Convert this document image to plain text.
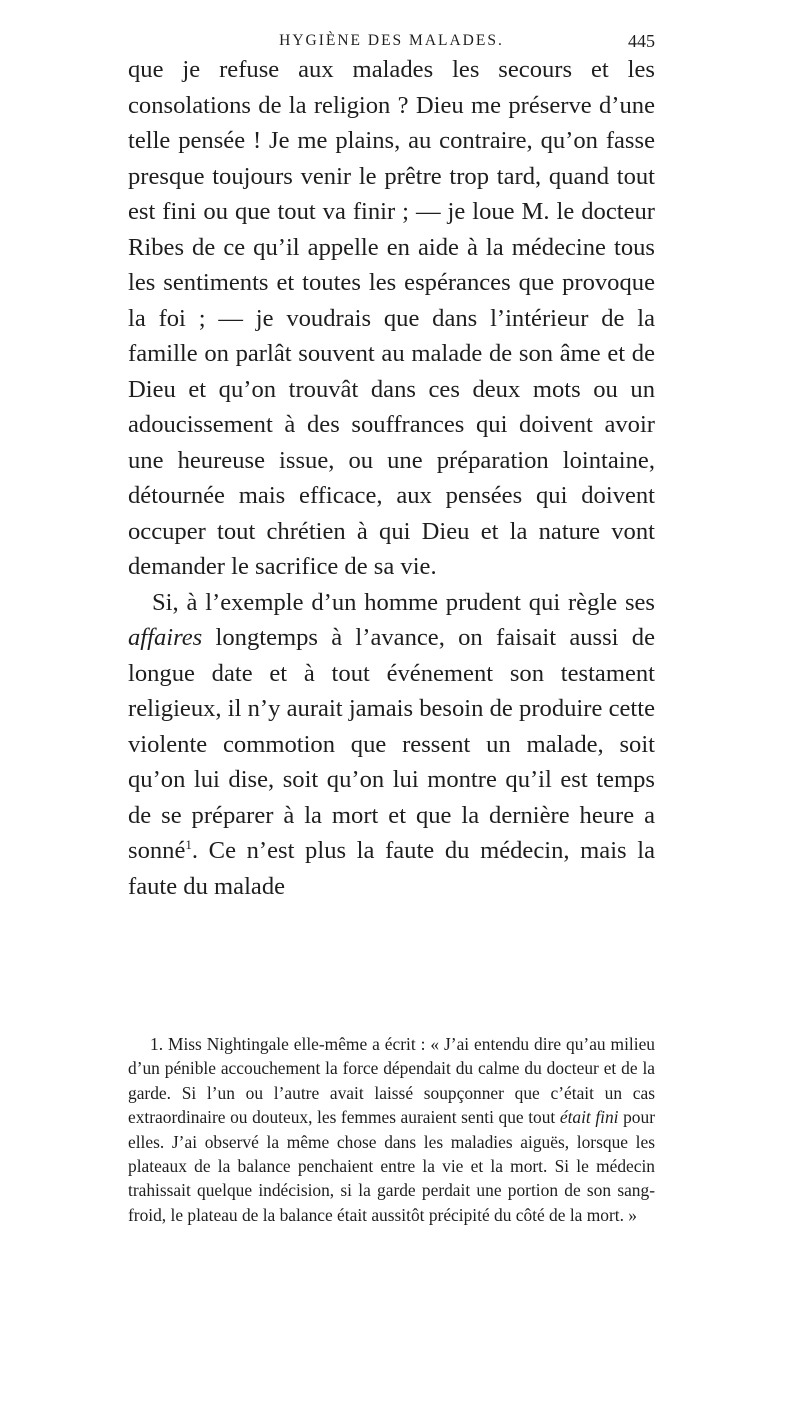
HYGIÈNE DES MALADES.	445

que je refuse aux malades les secours et les consolations de la religion ? Dieu me préserve d’une telle pensée ! Je me plains, au contraire, qu’on fasse presque toujours venir le prêtre trop tard, quand tout est fini ou que tout va finir ; — je loue M. le docteur Ribes de ce qu’il appelle en aide à la médecine tous les sentiments et toutes les espérances que provoque la foi ; — je voudrais que dans l’intérieur de la famille on parlât souvent au malade de son âme et de Dieu et qu’on trouvât dans ces deux mots ou un adoucissement à des souffrances qui doivent avoir une heureuse issue, ou une préparation lointaine, détournée mais efficace, aux pensées qui doivent occuper tout chrétien à qui Dieu et la nature vont demander le sacrifice de sa vie.

Si, à l’exemple d’un homme prudent qui règle ses affaires longtemps à l’avance, on faisait aussi de longue date et à tout événement son testament religieux, il n’y aurait jamais besoin de produire cette violente commotion que ressent un malade, soit qu’on lui dise, soit qu’on lui montre qu’il est temps de se préparer à la mort et que la dernière heure a sonné$^1$. Ce n’est plus la faute du médecin, mais la faute du malade

1. Miss Nightingale elle-même a écrit : « J’ai entendu dire qu’au milieu d’un pénible accouchement la force dépendait du calme du docteur et de la garde. Si l’un ou l’autre avait laissé soupçonner que c’était un cas extraordinaire ou douteux, les femmes auraient senti que tout était fini pour elles. J’ai observé la même chose dans les maladies aiguës, lorsque les plateaux de la balance penchaient entre la vie et la mort. Si le médecin trahissait quelque indécision, si la garde perdait une portion de son sang-froid, le plateau de la balance était aussitôt précipité du côté de la mort. »
